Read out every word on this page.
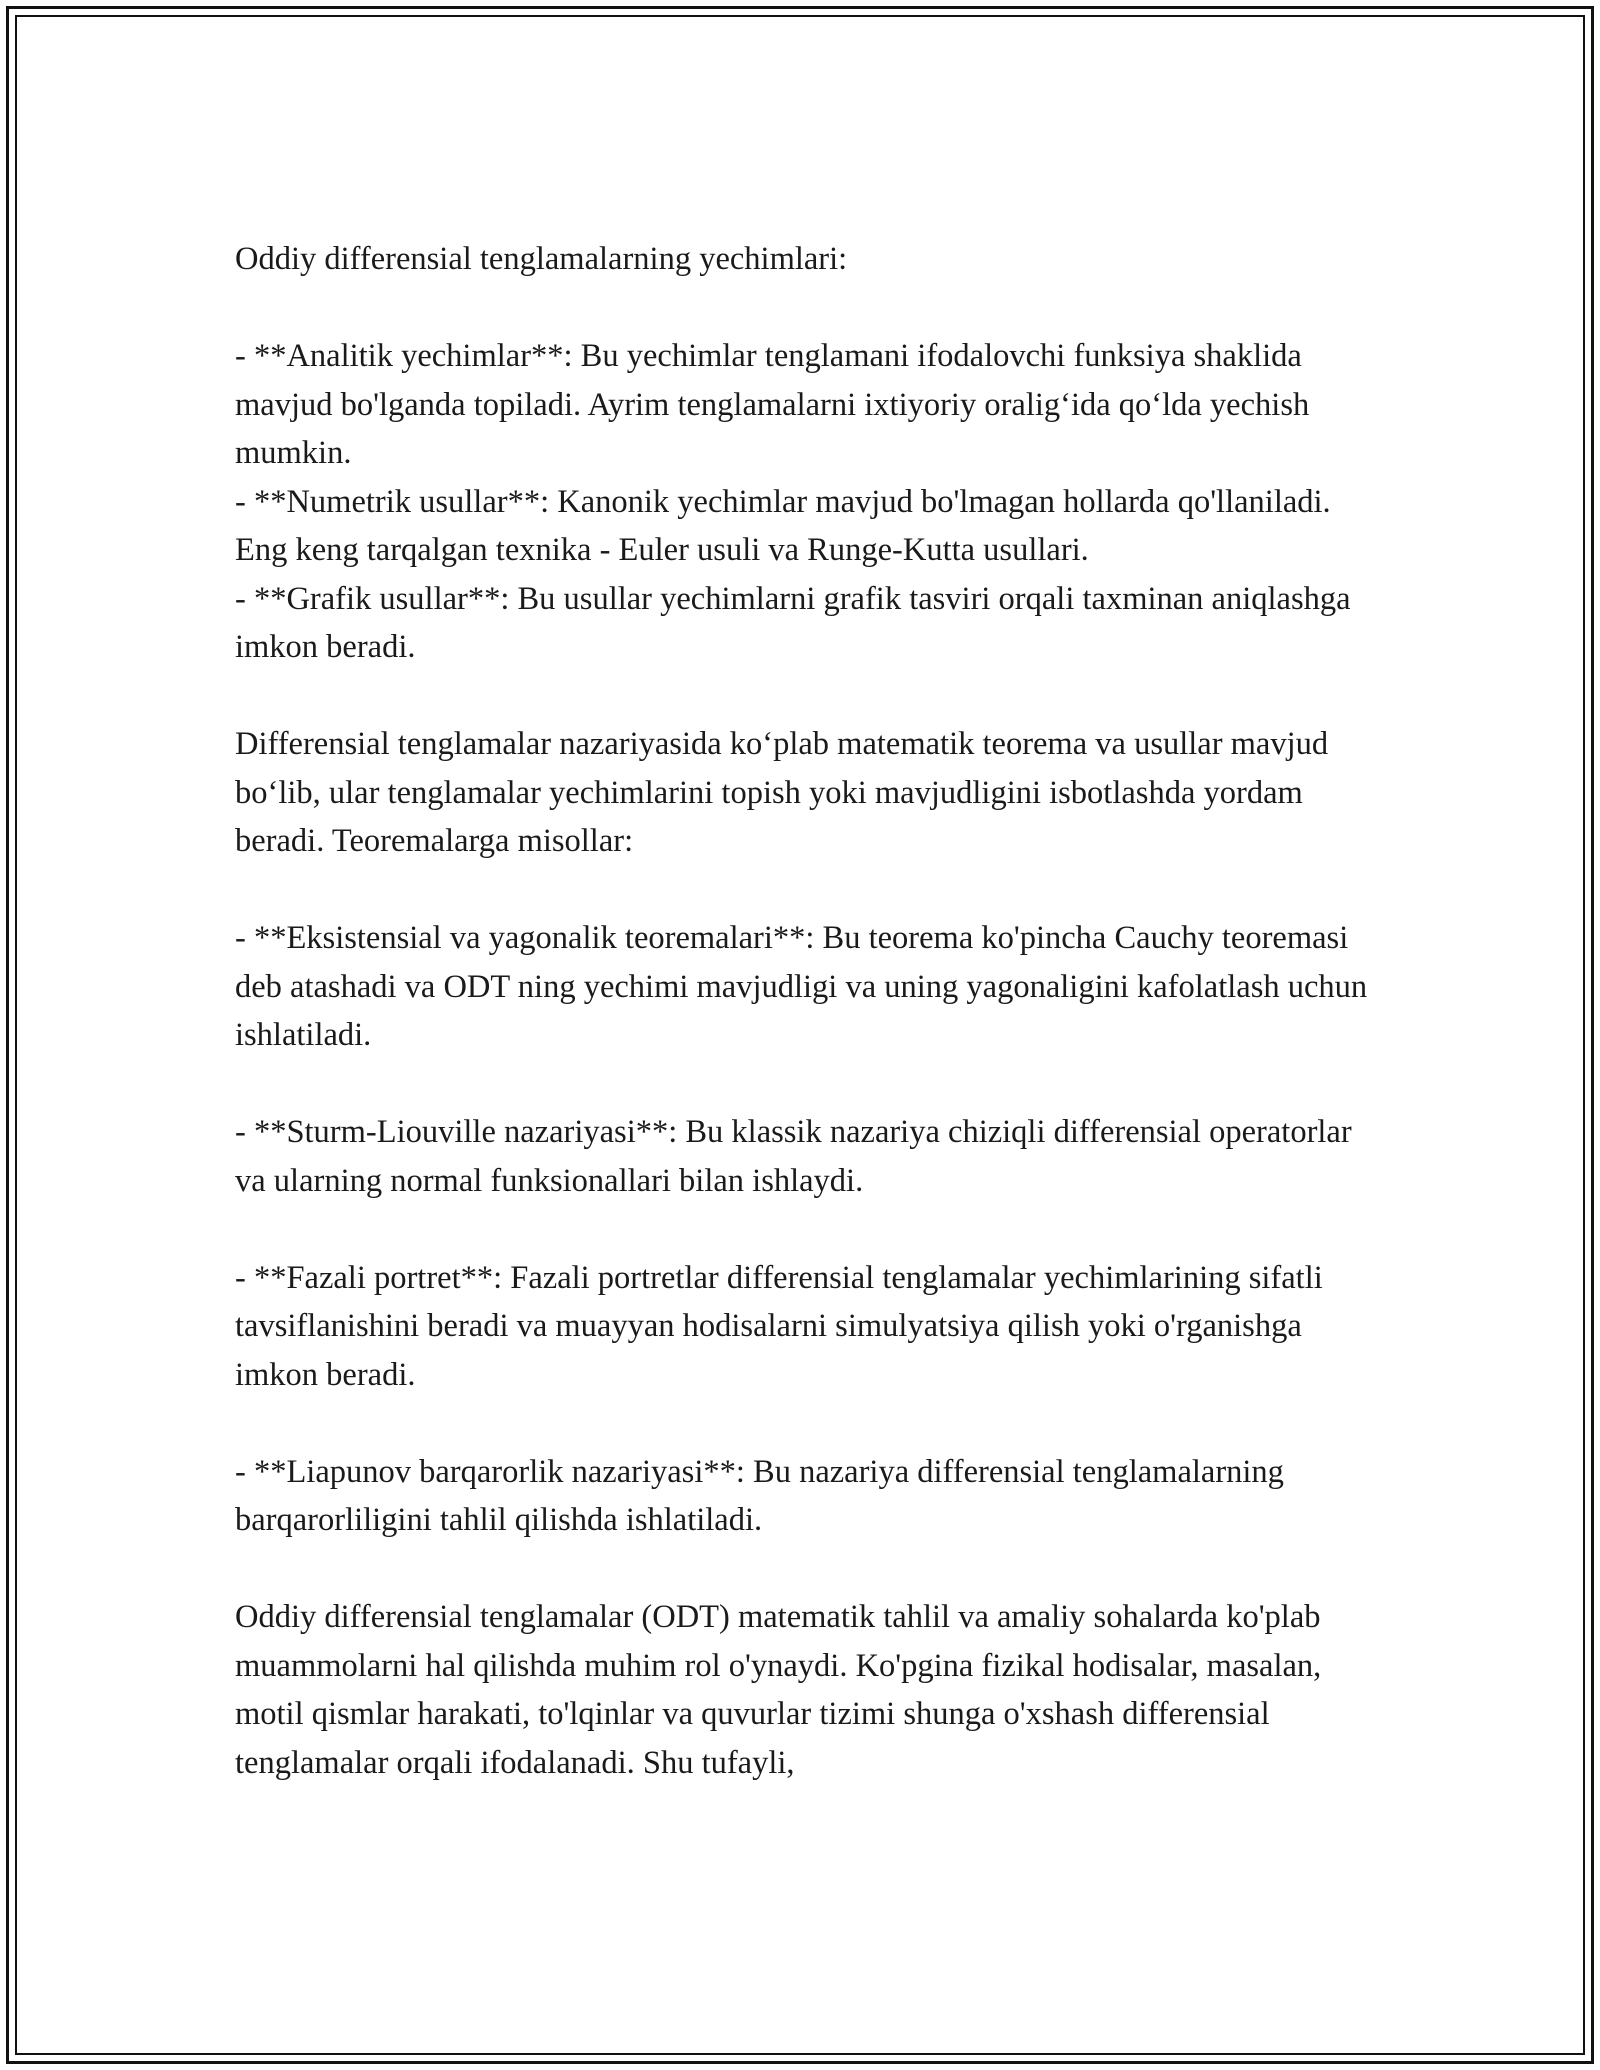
Oddiy differensial tenglamalarning yechimlari:

- **Analitik yechimlar**: Bu yechimlar tenglamani ifodalovchi funksiya shaklida mavjud bo'lganda topiladi. Ayrim tenglamalarni ixtiyoriy oralig‘ida qo‘lda yechish mumkin.

- **Numetrik usullar**: Kanonik yechimlar mavjud bo'lmagan hollarda qo'llaniladi. Eng keng tarqalgan texnika - Euler usuli va Runge-Kutta usullari.

- **Grafik usullar**: Bu usullar yechimlarni grafik tasviri orqali taxminan aniqlashga imkon beradi.

Differensial tenglamalar nazariyasida ko‘plab matematik teorema va usullar mavjud bo‘lib, ular tenglamalar yechimlarini topish yoki mavjudligini isbotlashda yordam beradi. Teoremalarga misollar:

- **Eksistensial va yagonalik teoremalari**: Bu teorema ko'pincha Cauchy teoremasi deb atashadi va ODT ning yechimi mavjudligi va uning yagonaligini kafolatlash uchun ishlatiladi.

- **Sturm-Liouville nazariyasi**: Bu klassik nazariya chiziqli differensial operatorlar va ularning normal funksionallari bilan ishlaydi.

- **Fazali portret**: Fazali portretlar differensial tenglamalar yechimlarining sifatli tavsiflanishini beradi va muayyan hodisalarni simulyatsiya qilish yoki o'rganishga imkon beradi.

- **Liapunov barqarorlik nazariyasi**: Bu nazariya differensial tenglamalarning barqarorliligini tahlil qilishda ishlatiladi.

Oddiy differensial tenglamalar (ODT) matematik tahlil va amaliy sohalarda ko'plab muammolarni hal qilishda muhim rol o'ynaydi. Ko'pgina fizikal hodisalar, masalan, motil qismlar harakati, to'lqinlar va quvurlar tizimi shunga o'xshash differensial tenglamalar orqali ifodalanadi. Shu tufayli,
